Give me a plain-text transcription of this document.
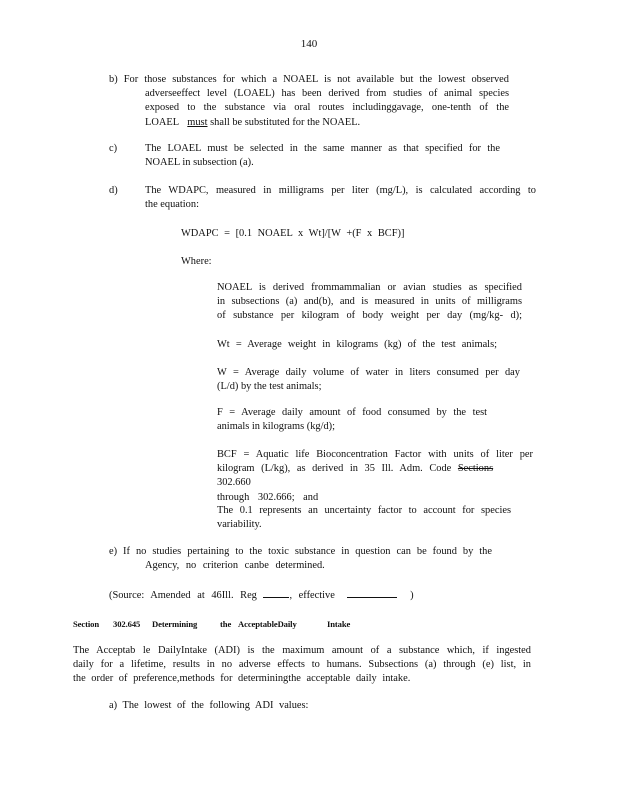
140
b) For those substances for which a NOAEL is not available but the lowest observed
adverseeffect level (LOAEL) has been derived from studies of animal species
exposed to the substance via oral routes includinggavage, one-tenth of the
LOAEL must shall be substituted for the NOAEL.
c)	The LOAEL must be selected in the same manner as that specified for the
NOAEL in subsection (a).
d)	The WDAPC, measured in milligrams per liter (mg/L), is calculated according to
the equation:
WDAPC = [0.1 NOAEL x Wt]/[W +(F x BCF)]
Where:
NOAEL is derived frommammalian or avian studies as specified
in subsections (a) and(b), and is measured in units of milligrams
of substance per kilogram of body weight per day (mg/kg- d);
Wt = Average weight in kilograms (kg) of the test animals;
W = Average daily volume of water in liters consumed per day
(L/d) by the test animals;
F = Average daily amount of food consumed by the test
animals in kilograms (kg/d);
BCF = Aquatic life Bioconcentration Factor with units of liter per
kilogram (L/kg), as derived in 35 Ill. Adm. Code Sections 302.660
through 302.666; and
The 0.1 represents an uncertainty factor to account for species
variability.
e) If no studies pertaining to the toxic substance in question can be found by the
Agency, no criterion canbe determined.
(Source: Amended at 46Ill. Reg	, effective	)
Section 302.645 Determining	the AcceptableDaily	Intake
The Acceptab le DailyIntake (ADI) is the maximum amount of a substance which, if ingested
daily for a lifetime, results in no adverse effects to humans. Subsections (a) through (e) list, in
the order of preference,methods for determiningthe acceptable daily intake.
a) The lowest of the following ADI values:
